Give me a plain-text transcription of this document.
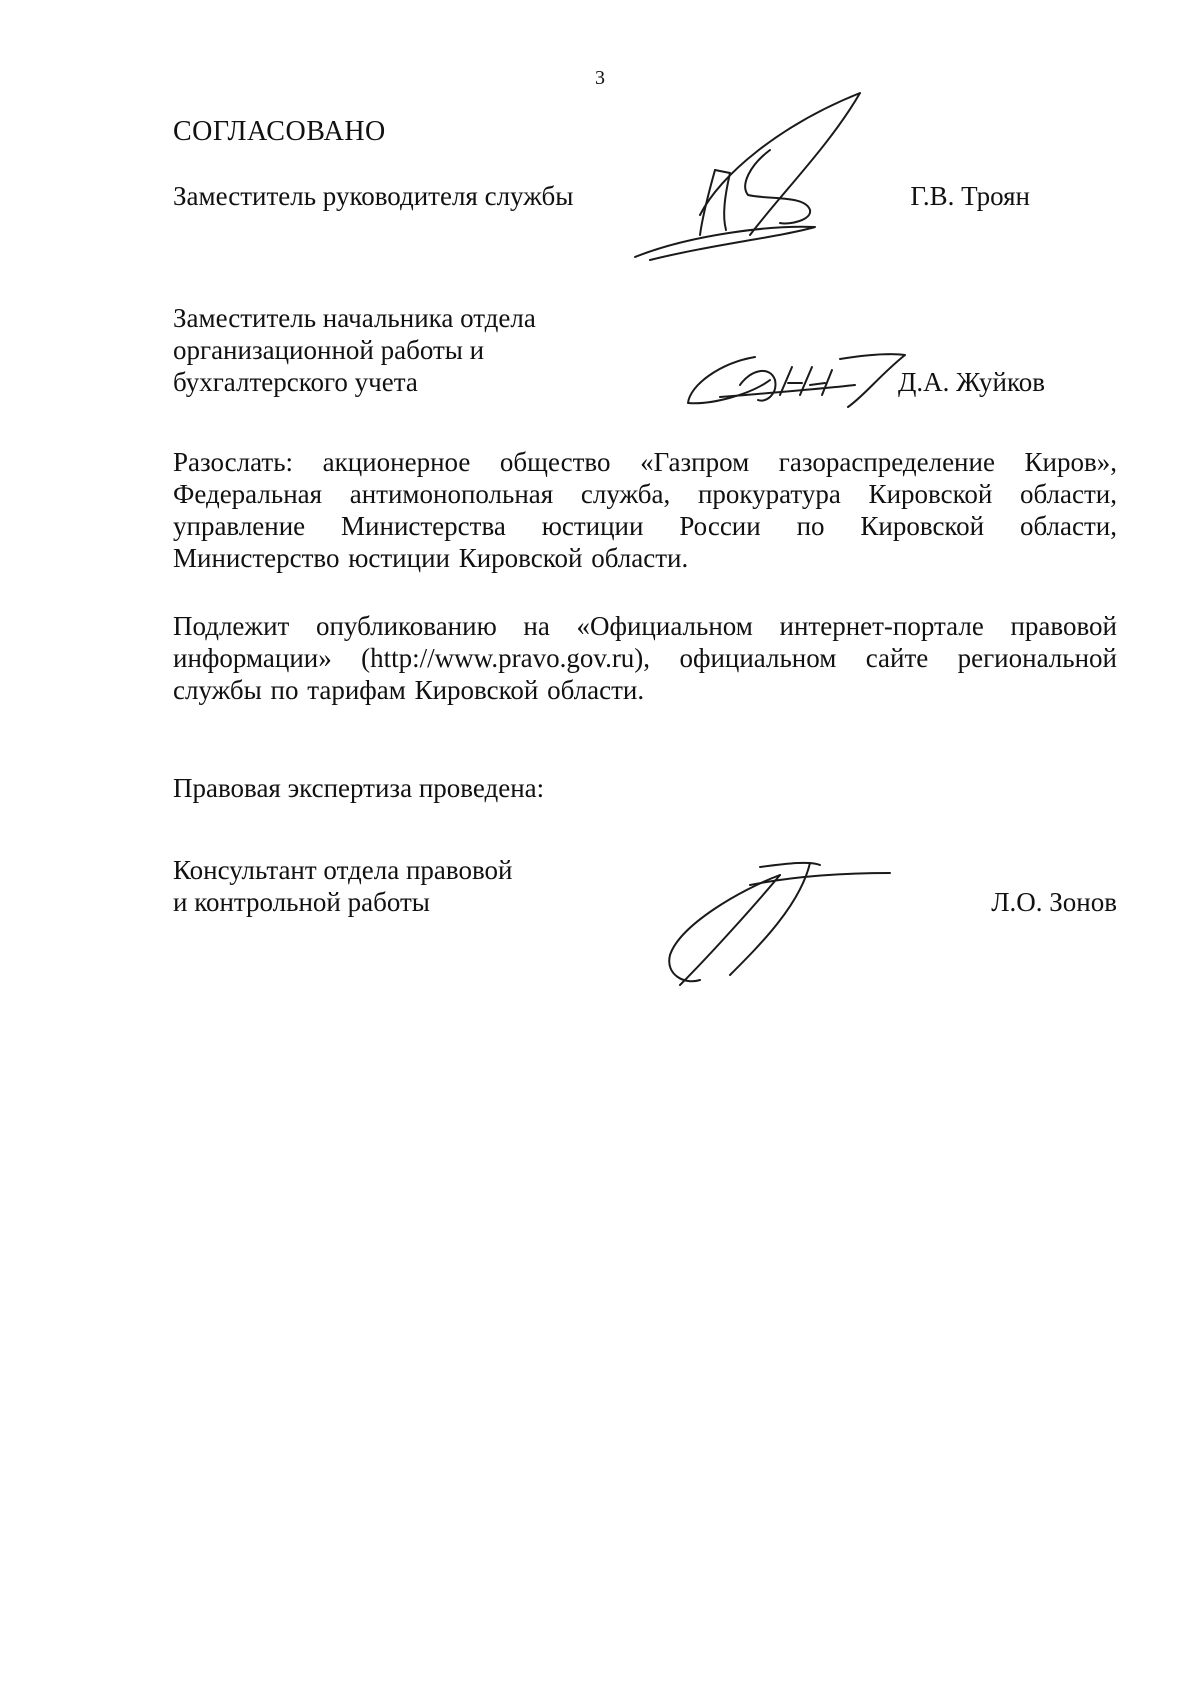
3
СОГЛАСОВАНО
Заместитель руководителя службы	Г.В. Троян
Заместитель начальника отдела
организационной работы и
бухгалтерского учета	Д.А. Жуйков
Разослать: акционерное общество «Газпром газораспределение Киров», Федеральная антимонопольная служба, прокуратура Кировской области, управление Министерства юстиции России по Кировской области, Министерство юстиции Кировской области.
Подлежит опубликованию на «Официальном интернет-портале правовой информации» (http://www.pravo.gov.ru), официальном сайте региональной службы по тарифам Кировской области.
Правовая экспертиза проведена:
Консультант отдела правовой
и контрольной работы	Л.О. Зонов
